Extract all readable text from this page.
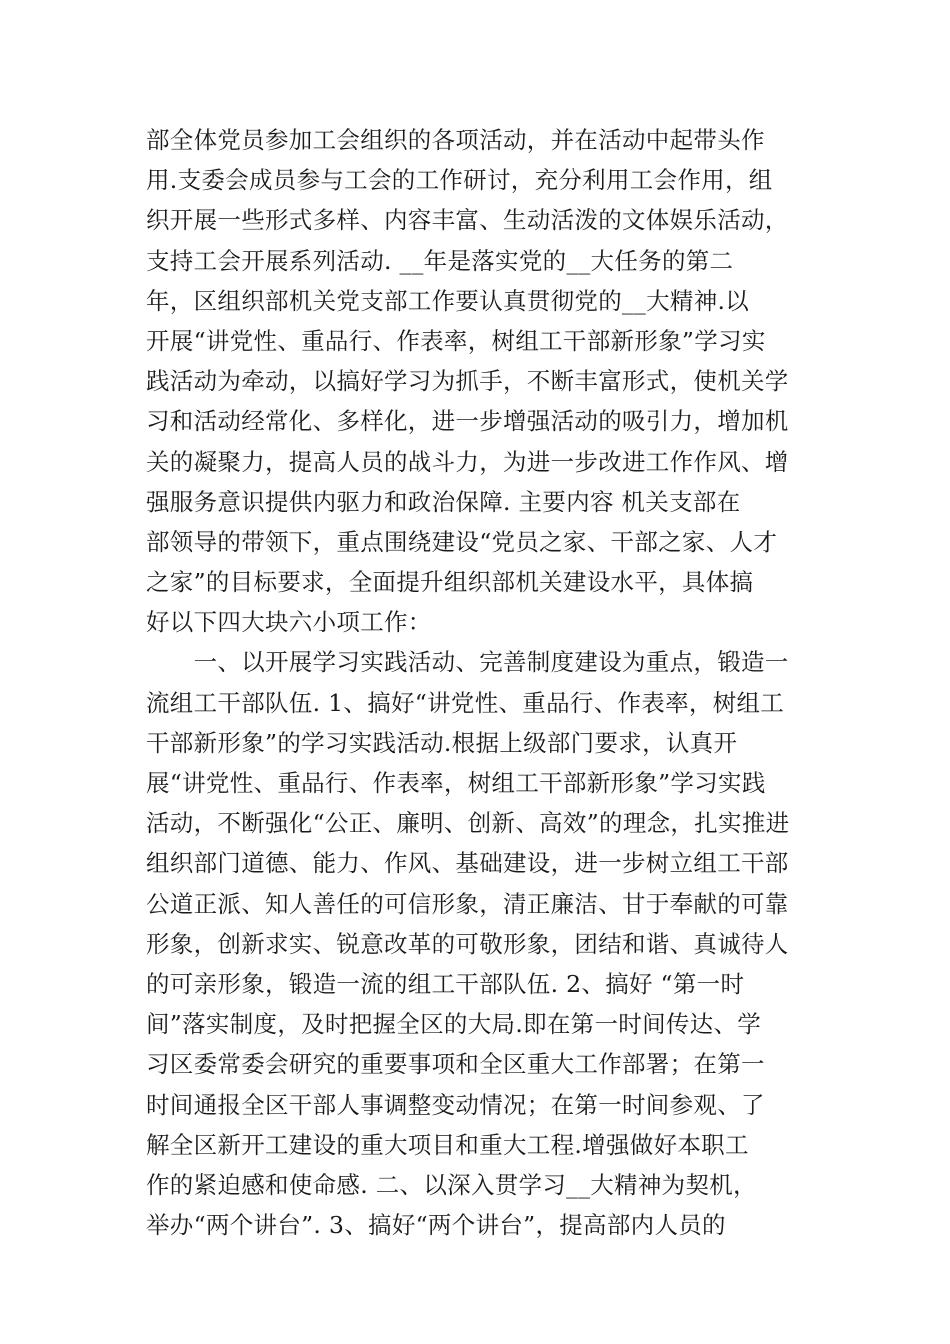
部全体党员参加工会组织的各项活动，并在活动中起带头作
用.支委会成员参与工会的工作研讨，充分利用工会作用，组
织开展一些形式多样、内容丰富、生动活泼的文体娱乐活动，
支持工会开展系列活动. __年是落实党的__大任务的第二
年，区组织部机关党支部工作要认真贯彻党的__大精神.以
开展“讲党性、重品行、作表率，树组工干部新形象”学习实
践活动为牵动，以搞好学习为抓手，不断丰富形式，使机关学
习和活动经常化、多样化，进一步增强活动的吸引力，增加机
关的凝聚力，提高人员的战斗力，为进一步改进工作作风、增
强服务意识提供内驱力和政治保障. 主要内容 机关支部在
部领导的带领下，重点围绕建设“党员之家、干部之家、人才
之家”的目标要求，全面提升组织部机关建设水平，具体搞
好以下四大块六小项工作：
　　一、以开展学习实践活动、完善制度建设为重点，锻造一
流组工干部队伍. 1、搞好“讲党性、重品行、作表率，树组工
干部新形象”的学习实践活动.根据上级部门要求，认真开
展“讲党性、重品行、作表率，树组工干部新形象”学习实践
活动，不断强化“公正、廉明、创新、高效”的理念，扎实推进
组织部门道德、能力、作风、基础建设，进一步树立组工干部
公道正派、知人善任的可信形象，清正廉洁、甘于奉献的可靠
形象，创新求实、锐意改革的可敬形象，团结和谐、真诚待人
的可亲形象，锻造一流的组工干部队伍. 2、搞好 “第一时
间”落实制度，及时把握全区的大局.即在第一时间传达、学
习区委常委会研究的重要事项和全区重大工作部署；在第一
时间通报全区干部人事调整变动情况；在第一时间参观、了
解全区新开工建设的重大项目和重大工程.增强做好本职工
作的紧迫感和使命感. 二、以深入贯学习__大精神为契机，
举办“两个讲台”. 3、搞好“两个讲台”，提高部内人员的
